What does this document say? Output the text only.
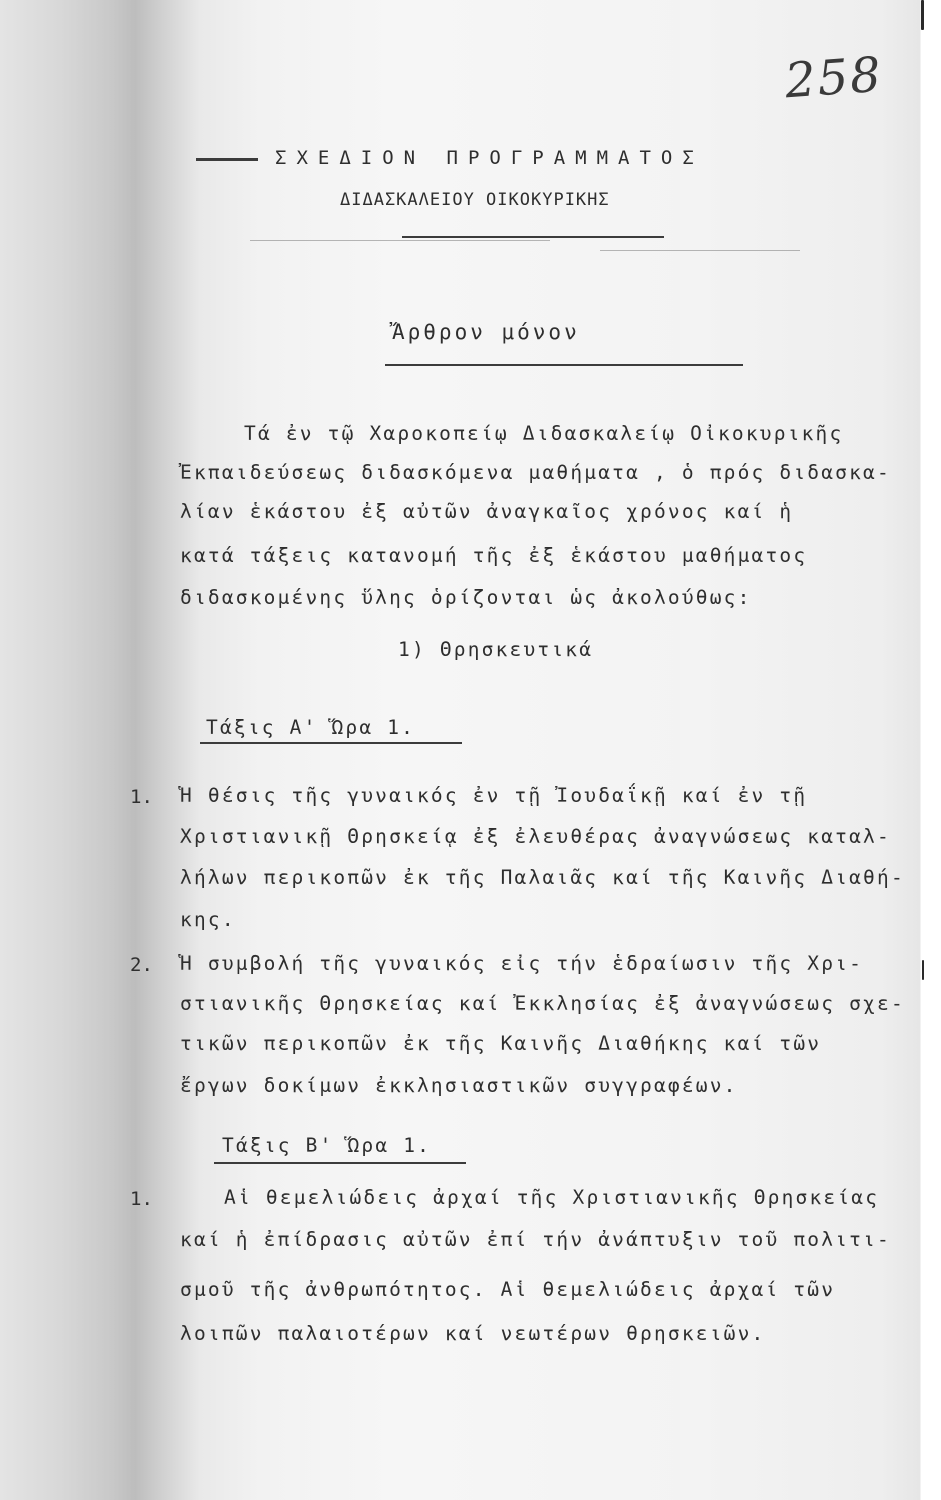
258
ΣΧΕΔΙΟΝ ΠΡΟΓΡΑΜΜΑΤΟΣ
ΔΙΔΑΣΚΑΛΕΙΟΥ ΟΙΚΟΚΥΡΙΚΗΣ
Ἄρθρον μόνον
Τά ἐν τῷ Χαροκοπείῳ Διδασκαλείῳ Οἰκοκυρικῆς
Ἐκπαιδεύσεως διδασκόμενα μαθήματα , ὁ πρός διδασκα-
λίαν ἑκάστου ἐξ αὐτῶν ἀναγκαῖος χρόνος καί ἡ
κατά τάξεις κατανομή τῆς ἐξ ἑκάστου μαθήματος
διδασκομένης ὕλης ὁρίζονται ὡς ἀκολούθως:
1) Θρησκευτικά
Τάξις Α' Ὥρα 1.
1. Ἡ θέσις τῆς γυναικός ἐν τῇ Ἰουδαΐκῇ καί ἐν τῇ
Χριστιανικῇ Θρησκείᾳ ἐξ ἐλευθέρας ἀναγνώσεως καταλ-
λήλων περικοπῶν ἐκ τῆς Παλαιᾶς καί τῆς Καινῆς Διαθή-
κης.
2. Ἡ συμβολή τῆς γυναικός εἰς τήν ἑδραίωσιν τῆς Χρι-
στιανικῆς Θρησκείας καί Ἐκκλησίας ἐξ ἀναγνώσεως σχε-
τικῶν περικοπῶν ἐκ τῆς Καινῆς Διαθήκης καί τῶν
ἔργων δοκίμων ἐκκλησιαστικῶν συγγραφέων.
Τάξις Β' Ὥρα 1.
1.	Αἱ θεμελιώδεις ἀρχαί τῆς Χριστιανικῆς Θρησκείας
καί ἡ ἐπίδρασις αὐτῶν ἐπί τήν ἀνάπτυξιν τοῦ πολιτι-
σμοῦ τῆς ἀνθρωπότητος. Αἱ θεμελιώδεις ἀρχαί τῶν
λοιπῶν παλαιοτέρων καί νεωτέρων θρησκειῶν.
